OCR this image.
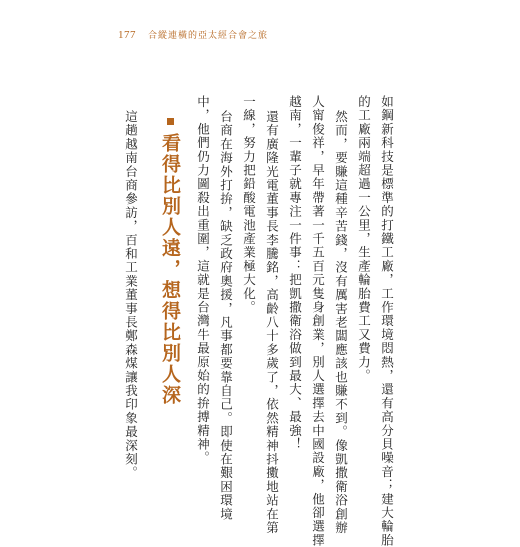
177 合縱連橫的亞太經合會之旅
如鋼新科技是標準的打鐵工廠，工作環境悶熱，還有高分貝噪音；建大輪胎
的工廠兩端超過一公里，生產輪胎費工又費力。
然而，要賺這種辛苦錢，沒有厲害老闆應該也賺不到。像凱撒衛浴創辦
人甯俊祥，早年帶著一千五百元隻身創業，別人選擇去中國設廠，他卻選擇
越南，一輩子就專注一件事：把凱撒衛浴做到最大、最強！
還有廣隆光電董事長李騰銘，高齡八十多歲了，依然精神抖擻地站在第
一線，努力把鉛酸電池產業極大化。
台商在海外打拚，缺乏政府奧援，凡事都要靠自己。即使在艱困環境
中，他們仍力圖殺出重圍，這就是台灣牛最原始的拚搏精神。
看得比別人遠，想得比別人深
這趟越南台商參訪，百和工業董事長鄭森煤讓我印象最深刻。
